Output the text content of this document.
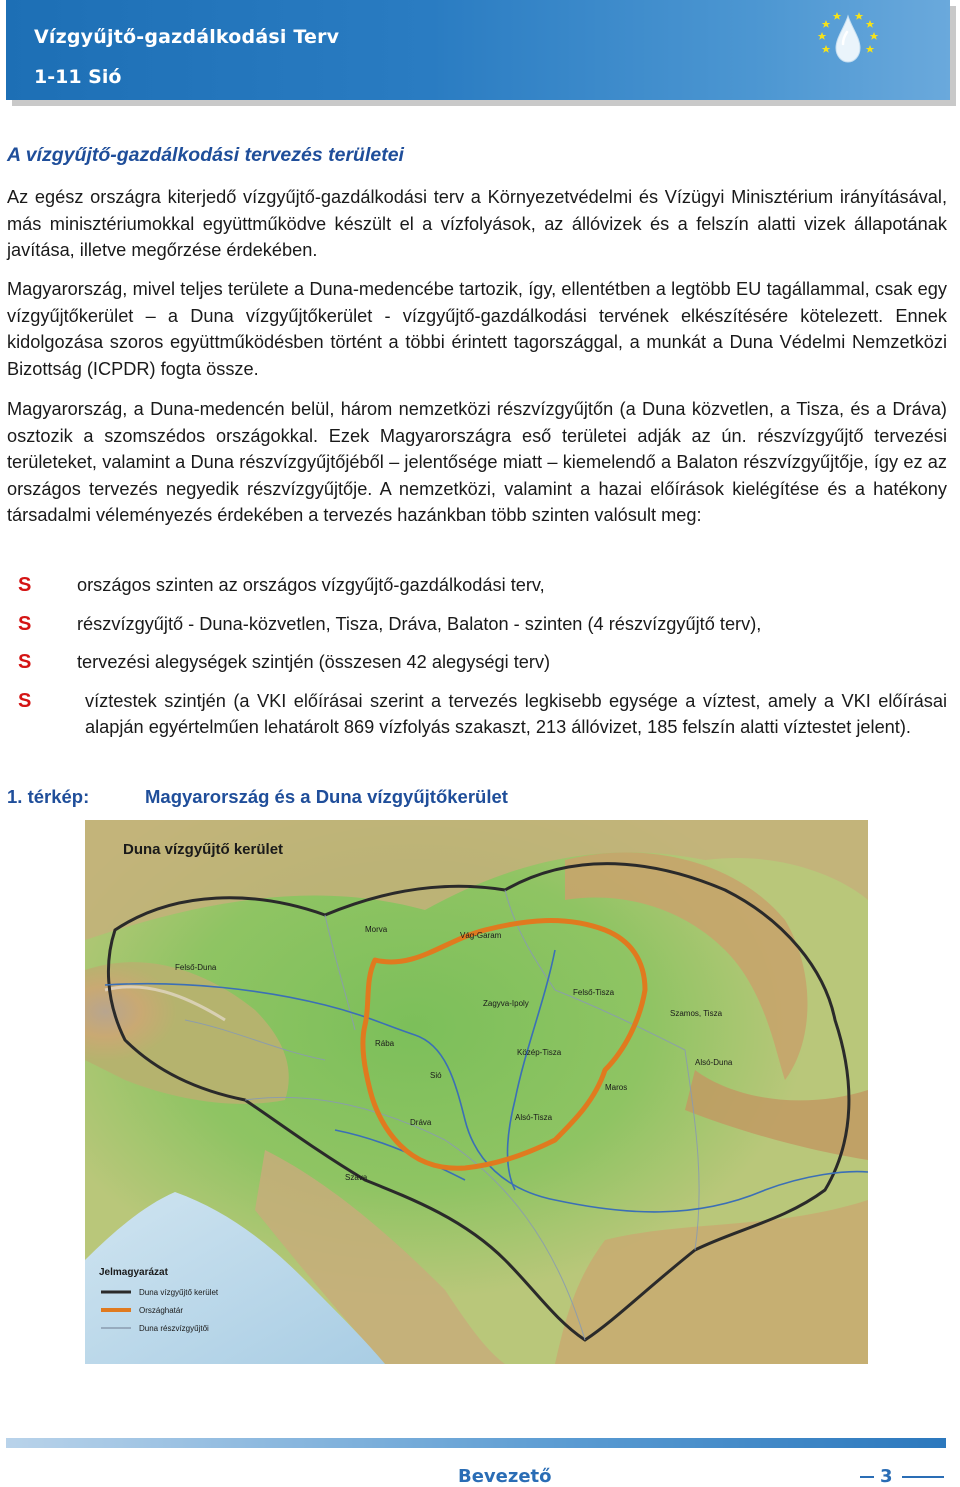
Vízgyűjtő-gazdálkodási Terv
1-11 Sió
A vízgyűjtő-gazdálkodási tervezés területei

Az egész országra kiterjedő vízgyűjtő-gazdálkodási terv a Környezetvédelmi és Vízügyi Minisztérium irányításával, más minisztériumokkal együttműködve készült el a vízfolyások, az állóvizek és a felszín alatti vizek állapotának javítása, illetve megőrzése érdekében.

Magyarország, mivel teljes területe a Duna-medencébe tartozik, így, ellentétben a legtöbb EU tagállammal, csak egy vízgyűjtőkerület – a Duna vízgyűjtőkerület - vízgyűjtő-gazdálkodási tervének elkészítésére kötelezett. Ennek kidolgozása szoros együttműködésben történt a többi érintett tagországgal, a munkát a Duna Védelmi Nemzetközi Bizottság (ICPDR) fogta össze.

Magyarország, a Duna-medencén belül, három nemzetközi részvízgyűjtőn (a Duna közvetlen, a Tisza, és a Dráva) osztozik a szomszédos országokkal. Ezek Magyarországra eső területei adják az ún. részvízgyűjtő tervezési területeket, valamint a Duna részvízgyűjtőjéből – jelentősége miatt – kiemelendő a Balaton részvízgyűjtője, így ez az országos tervezés negyedik részvízgyűjtője. A nemzetközi, valamint a hazai előírások kielégítése és a hatékony társadalmi véleményezés érdekében a tervezés hazánkban több szinten valósult meg:

S	országos szinten az országos vízgyűjtő-gazdálkodási terv,
S	részvízgyűjtő - Duna-közvetlen, Tisza, Dráva, Balaton - szinten (4 részvízgyűjtő terv),
S	tervezési alegységek szintjén (összesen 42 alegységi terv)
S	víztestek szintjén (a VKI előírásai szerint a tervezés legkisebb egysége a víztest, amely a VKI előírásai alapján egyértelműen lehatárolt 869 vízfolyás szakaszt, 213 állóvizet, 185 felszín alatti víztestet jelent).
1. térkép:	Magyarország és a Duna vízgyűjtőkerület
Duna vízgyűjtő kerület
Morva
Felső-Duna
Vág-Garam
Zagyva-Ipoly
Felső-Tisza
Szamos, Tisza
Alsó-Duna
Rába
Sió
Dráva
Száva
Közép-Tisza
Maros
Alsó-Tisza
Jelmagyarázat
Duna vízgyűjtő kerület
Országhatár
Duna részvízgyűjtői
Bevezető	3
